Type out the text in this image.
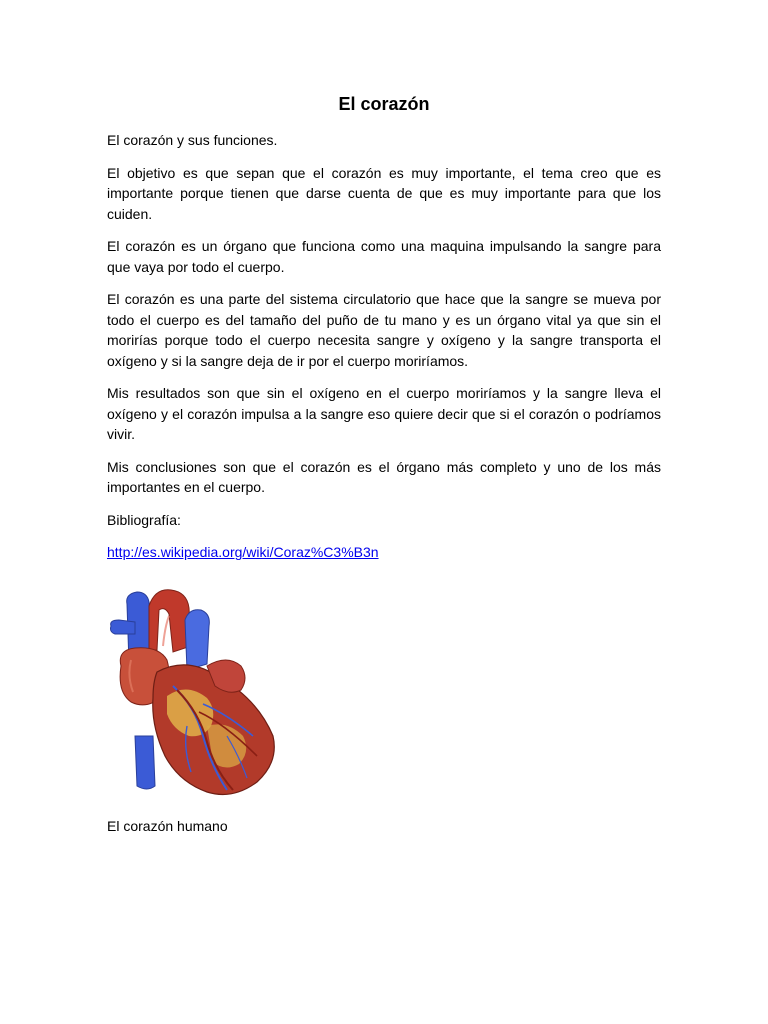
El corazón

El corazón y sus funciones.

El objetivo es que sepan que el corazón es muy importante, el tema creo que es importante porque tienen que darse cuenta de que es muy importante para que los cuiden.

El corazón es un órgano que funciona como una maquina impulsando la sangre para que vaya por todo el cuerpo.

El corazón es una parte del sistema circulatorio que hace que la sangre se mueva por todo el cuerpo es del tamaño del puño de tu mano y es un órgano vital ya que sin el morirías porque todo el cuerpo necesita sangre y oxígeno y la sangre transporta el oxígeno y si la sangre deja de ir por el cuerpo moriríamos.

Mis resultados son que sin el oxígeno en el cuerpo moriríamos y la sangre lleva el oxígeno y el corazón impulsa a la sangre eso quiere decir que si el corazón o podríamos vivir.

Mis conclusiones son que el corazón es el órgano más completo y uno de los más importantes en el cuerpo.

Bibliografía:

http://es.wikipedia.org/wiki/Coraz%C3%B3n
El corazón humano
